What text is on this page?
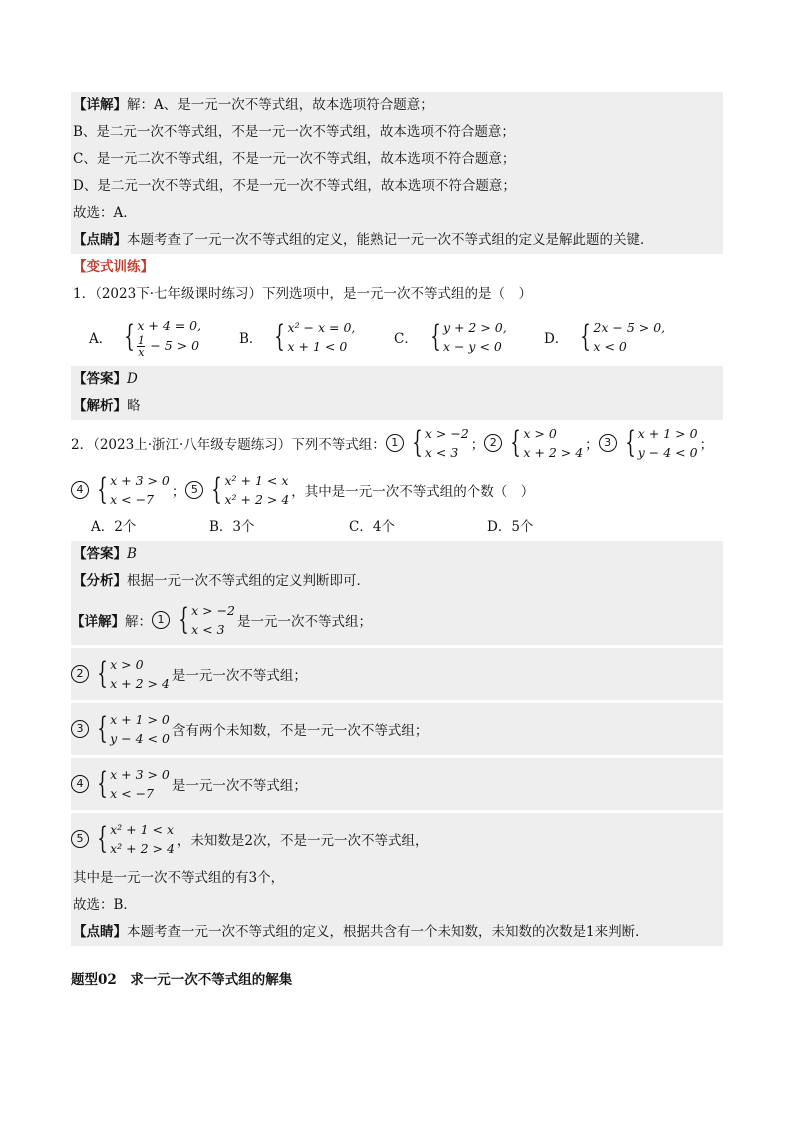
【详解】解：A、是一元一次不等式组，故本选项符合题意；
B、是二元一次不等式组，不是一元一次不等式组，故本选项不符合题意；
C、是一元二次不等式组，不是一元一次不等式组，故本选项不符合题意；
D、是二元一次不等式组，不是一元一次不等式组，故本选项不符合题意；
故选：A．
【点睛】本题考查了一元一次不等式组的定义，能熟记一元一次不等式组的定义是解此题的关键．
【变式训练】
1．（2023下·七年级课时练习）下列选项中，是一元一次不等式组的是（　）
A． { x + 4 = 0,
$\frac{1}{x} - 5 > 0$	B． { x² − x = 0,
x + 1 < 0	C． { y + 2 > 0,
x − y < 0	D． { 2x − 5 > 0,
x < 0
【答案】D
【解析】略
2．（2023上·浙江·八年级专题练习）下列不等式组： 1 { x > −2
x < 3 ； 2 { x > 0
x + 2 > 4 ； 3 { x + 1 > 0
y − 4 < 0 ；
4 { x + 3 > 0
x < −7	； 5 { x² + 1 < x
x² + 2 > 4 ，其中是一元一次不等式组的个数（　）
A．2个	B．3个	C．4个	D．5个
【答案】B
【分析】根据一元一次不等式组的定义判断即可．
【详解】 解： 1 { x > −2
x < 3 是一元一次不等式组；
2 { x > 0
x + 2 > 4 是一元一次不等式组；
3 { x + 1 > 0
y − 4 < 0 含有两个未知数，不是一元一次不等式组；
4 { x + 3 > 0
x < −7	是一元一次不等式组；
5 { x² + 1 < x
x² + 2 > 4 ，未知数是2次，不是一元一次不等式组，
其中是一元一次不等式组的有3个，
故选：B．
【点睛】本题考查一元一次不等式组的定义，根据共含有一个未知数，未知数的次数是1来判断．
题型02　求一元一次不等式组的解集
